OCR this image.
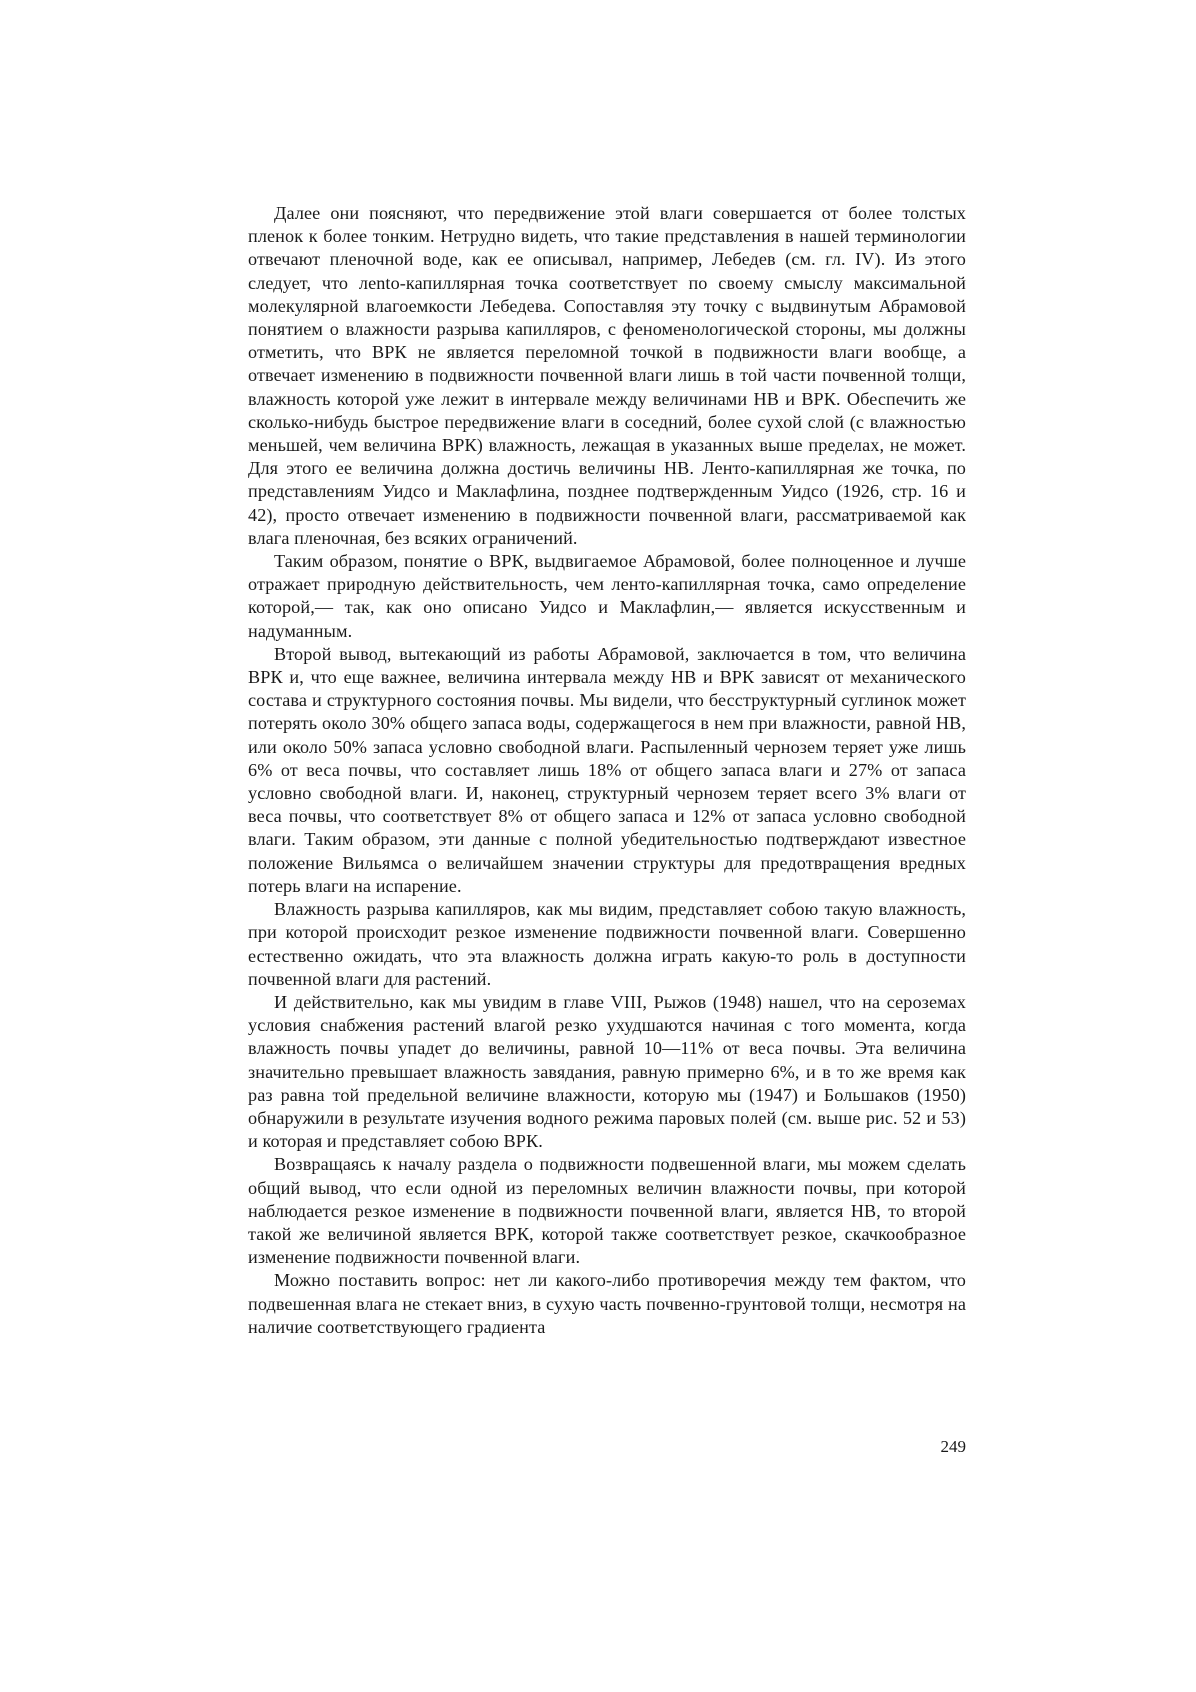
Далее они поясняют, что передвижение этой влаги совершается от более толстых пленок к более тонким. Нетрудно видеть, что такие представления в нашей терминологии отвечают пленочной воде, как ее описывал, например, Лебедев (см. гл. IV). Из этого следует, что лento-капиллярная точка соответствует по своему смыслу максимальной молекулярной влагоемкости Лебедева. Сопоставляя эту точку с выдвинутым Абрамовой понятием о влажности разрыва капилляров, с феноменологической стороны, мы должны отметить, что ВРК не является переломной точкой в подвижности влаги вообще, а отвечает изменению в подвижности почвенной влаги лишь в той части почвенной толщи, влажность которой уже лежит в интервале между величинами НВ и ВРК. Обеспечить же сколько-нибудь быстрое передвижение влаги в соседний, более сухой слой (с влажностью меньшей, чем величина ВРК) влажность, лежащая в указанных выше пределах, не может. Для этого ее величина должна достичь величины НВ. Ленто-капиллярная же точка, по представлениям Уидсо и Маклафлина, позднее подтвержденным Уидсо (1926, стр. 16 и 42), просто отвечает изменению в подвижности почвенной влаги, рассматриваемой как влага пленочная, без всяких ограничений.

Таким образом, понятие о ВРК, выдвигаемое Абрамовой, более полноценное и лучше отражает природную действительность, чем ленто-капиллярная точка, само определение которой,— так, как оно описано Уидсо и Маклафлин,— является искусственным и надуманным.

Второй вывод, вытекающий из работы Абрамовой, заключается в том, что величина ВРК и, что еще важнее, величина интервала между НВ и ВРК зависят от механического состава и структурного состояния почвы. Мы видели, что бесструктурный суглинок может потерять около 30% общего запаса воды, содержащегося в нем при влажности, равной НВ, или около 50% запаса условно свободной влаги. Распыленный чернозем теряет уже лишь 6% от веса почвы, что составляет лишь 18% от общего запаса влаги и 27% от запаса условно свободной влаги. И, наконец, структурный чернозем теряет всего 3% влаги от веса почвы, что соответствует 8% от общего запаса и 12% от запаса условно свободной влаги. Таким образом, эти данные с полной убедительностью подтверждают известное положение Вильямса о величайшем значении структуры для предотвращения вредных потерь влаги на испарение.

Влажность разрыва капилляров, как мы видим, представляет собою такую влажность, при которой происходит резкое изменение подвижности почвенной влаги. Совершенно естественно ожидать, что эта влажность должна играть какую-то роль в доступности почвенной влаги для растений.

И действительно, как мы увидим в главе VIII, Рыжов (1948) нашел, что на сероземах условия снабжения растений влагой резко ухудшаются начиная с того момента, когда влажность почвы упадет до величины, равной 10—11% от веса почвы. Эта величина значительно превышает влажность завядания, равную примерно 6%, и в то же время как раз равна той предельной величине влажности, которую мы (1947) и Большаков (1950) обнаружили в результате изучения водного режима паровых полей (см. выше рис. 52 и 53) и которая и представляет собою ВРК.

Возвращаясь к началу раздела о подвижности подвешенной влаги, мы можем сделать общий вывод, что если одной из переломных величин влажности почвы, при которой наблюдается резкое изменение в подвижности почвенной влаги, является НВ, то второй такой же величиной является ВРК, которой также соответствует резкое, скачкообразное изменение подвижности почвенной влаги.

Можно поставить вопрос: нет ли какого-либо противоречия между тем фактом, что подвешенная влага не стекает вниз, в сухую часть почвенно-грунтовой толщи, несмотря на наличие соответствующего градиента

249
